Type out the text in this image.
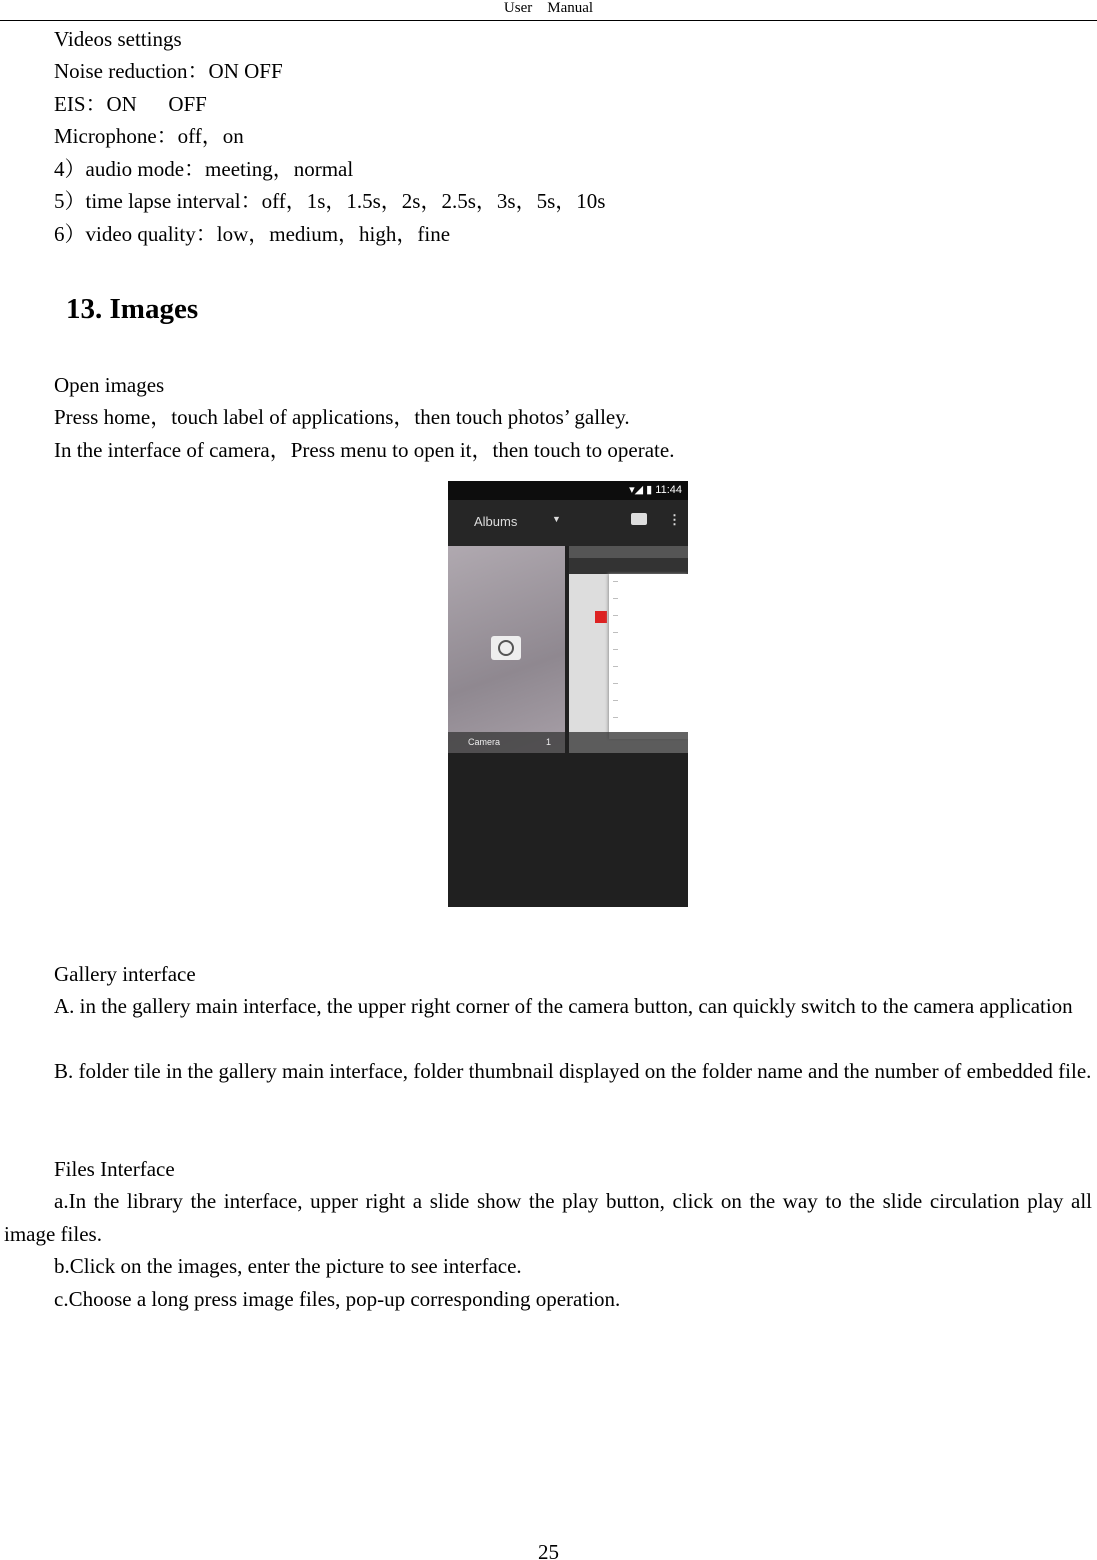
User    Manual
Videos settings
Noise reduction：ON OFF
EIS：ON      OFF
Microphone：off，on
4）audio mode：meeting，normal
5）time lapse interval：off，1s，1.5s，2s，2.5s，3s，5s，10s
6）video quality：low，medium，high，fine
13. Images
Open images
Press home，touch label of applications，then touch photos’ galley.
In the interface of camera，Press menu to open it，then touch to operate.
▾◢ ▮ 11:44
Albums	▼	⋮
Camera	1
—
—
—
—
—
—
—
—
—
Gallery interface
A. in the gallery main interface, the upper right corner of the camera button, can quickly switch to the camera application
B. folder tile in the gallery main interface, folder thumbnail displayed on the folder name and the number of embedded file.
Files Interface
a.In the library the interface, upper right a slide show the play button, click on the way to the slide circulation play all image files.
b.Click on the images, enter the picture to see interface.
c.Choose a long press image files, pop-up corresponding operation.
25
